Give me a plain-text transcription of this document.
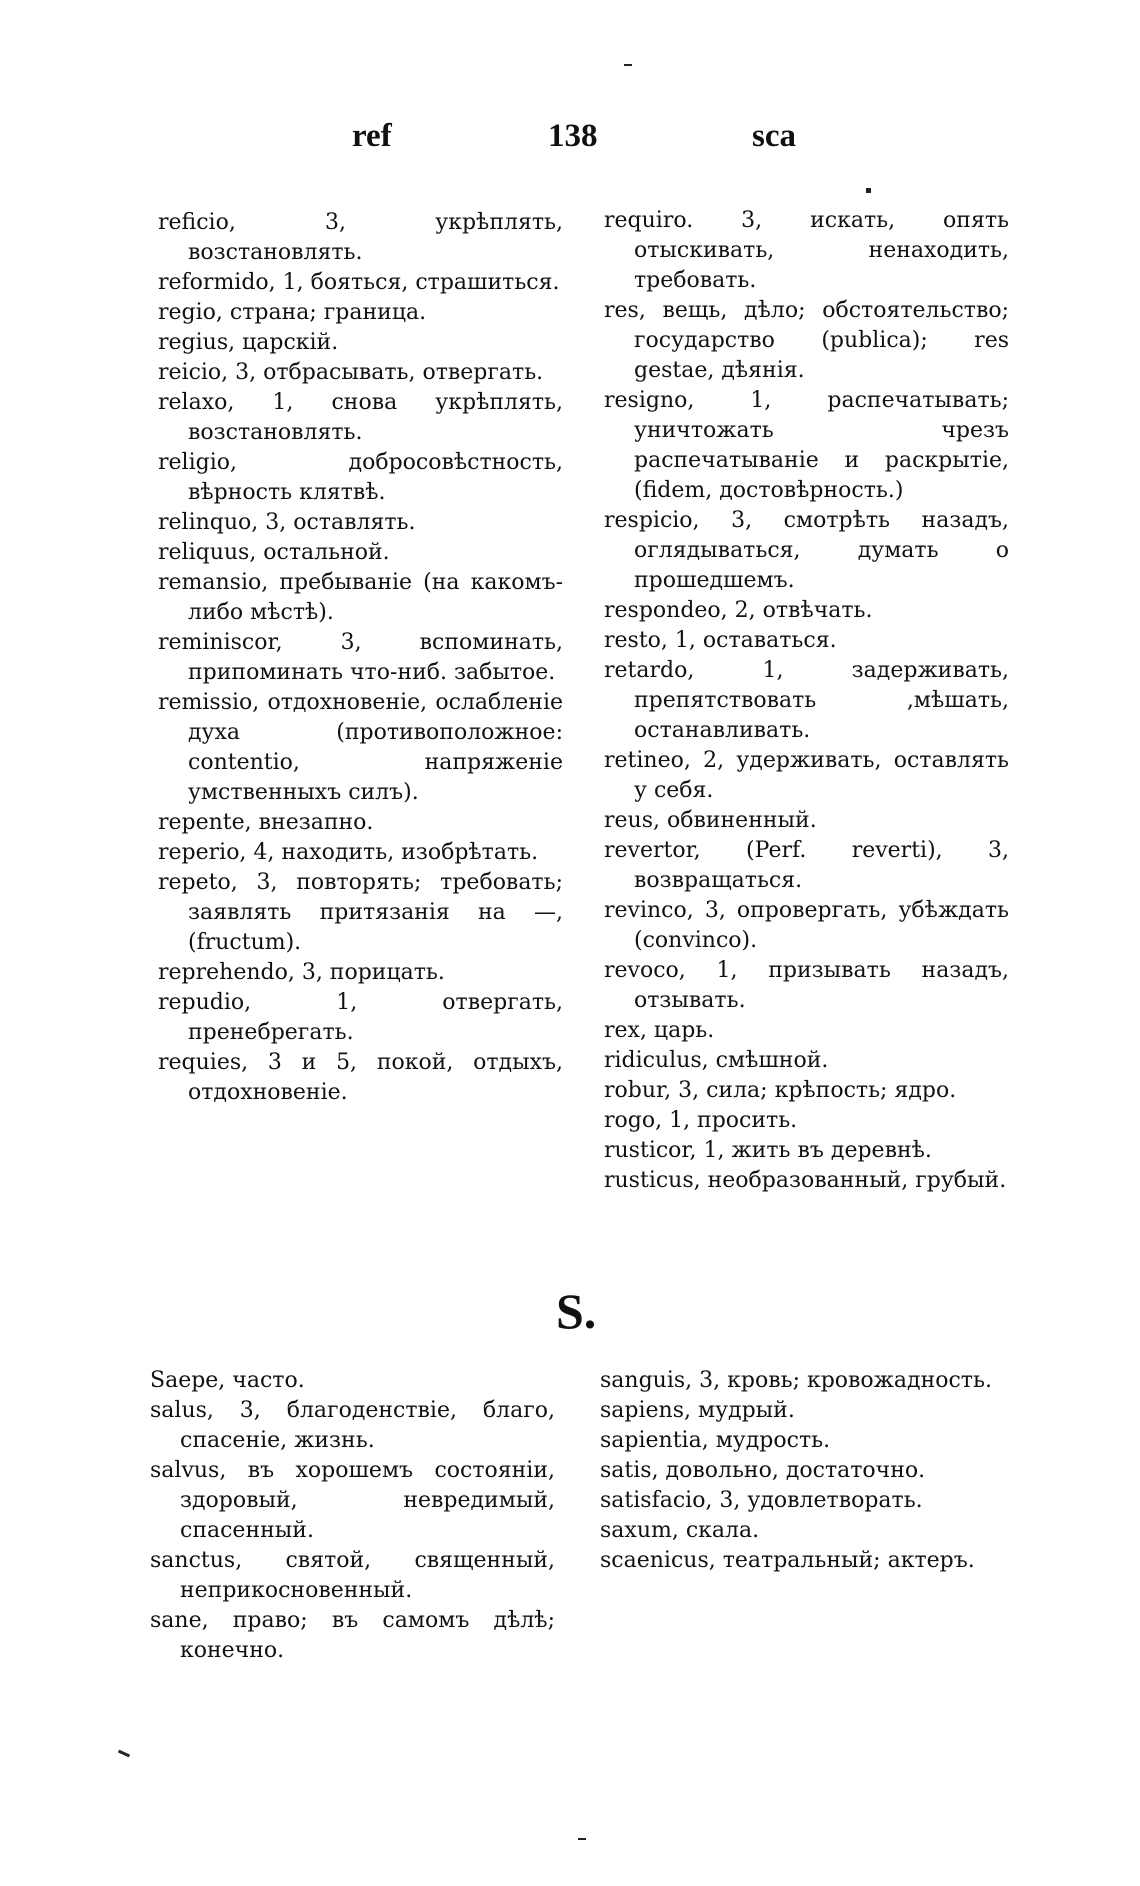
ref	138	sca
reficio, 3, укрѣплять, возстановлять.
reformido, 1, бояться, страшиться.
regio, страна; граница.
regius, царскій.
reicio, 3, отбрасывать, отвергать.
relaxo, 1, снова укрѣплять, возстановлять.
religio, добросовѣстность, вѣрность клятвѣ.
relinquo, 3, оставлять.
reliquus, остальной.
remansio, пребываніе (на какомъ-либо мѣстѣ).
reminiscor, 3, вспоминать, припоминать что-ниб. забытое.
remissio, отдохновеніе, ослабленіе духа (противоположное: contentio, напряженіе умственныхъ силъ).
repente, внезапно.
reperio, 4, находить, изобрѣтать.
repeto, 3, повторять; требовать; заявлять притязанія на —, (fructum).
reprehendo, 3, порицать.
repudio, 1, отвергать, пренебрегать.
requies, 3 и 5, покой, отдыхъ, отдохновеніе.
requiro. 3, искать, опять отыскивать, ненаходить, требовать.
res, вещь, дѣло; обстоятельство; государство (publica); res gestae, дѣянія.
resigno, 1, распечатывать; уничтожать чрезъ распечатываніе и раскрытіе, (fidem, достовѣрность.)
respicio, 3, смотрѣть назадъ, оглядываться, думать о прошедшемъ.
respondeo, 2, отвѣчать.
resto, 1, оставаться.
retardo, 1, задерживать, препятствовать ,мѣшать, останавливать.
retineo, 2, удерживать, оставлять у себя.
reus, обвиненный.
revertor, (Perf. reverti), 3, возвращаться.
revinco, 3, опровергать, убѣждать (convinco).
revoco, 1, призывать назадъ, отзывать.
rex, царь.
ridiculus, смѣшной.
robur, 3, сила; крѣпость; ядро.
rogo, 1, просить.
rusticor, 1, жить въ деревнѣ.
rusticus, необразованный, грубый.
S.
Saepe, часто.
salus, 3, благоденствіе, благо, спасеніе, жизнь.
salvus, въ хорошемъ состояніи, здоровый, невредимый, спасенный.
sanctus, святой, священный, неприкосновенный.
sane, право; въ самомъ дѣлѣ; конечно.
sanguis, 3, кровь; кровожадность.
sapiens, мудрый.
sapientia, мудрость.
satis, довольно, достаточно.
satisfacio, 3, удовлетворать.
saxum, скала.
scaenicus, театральный; актеръ.
